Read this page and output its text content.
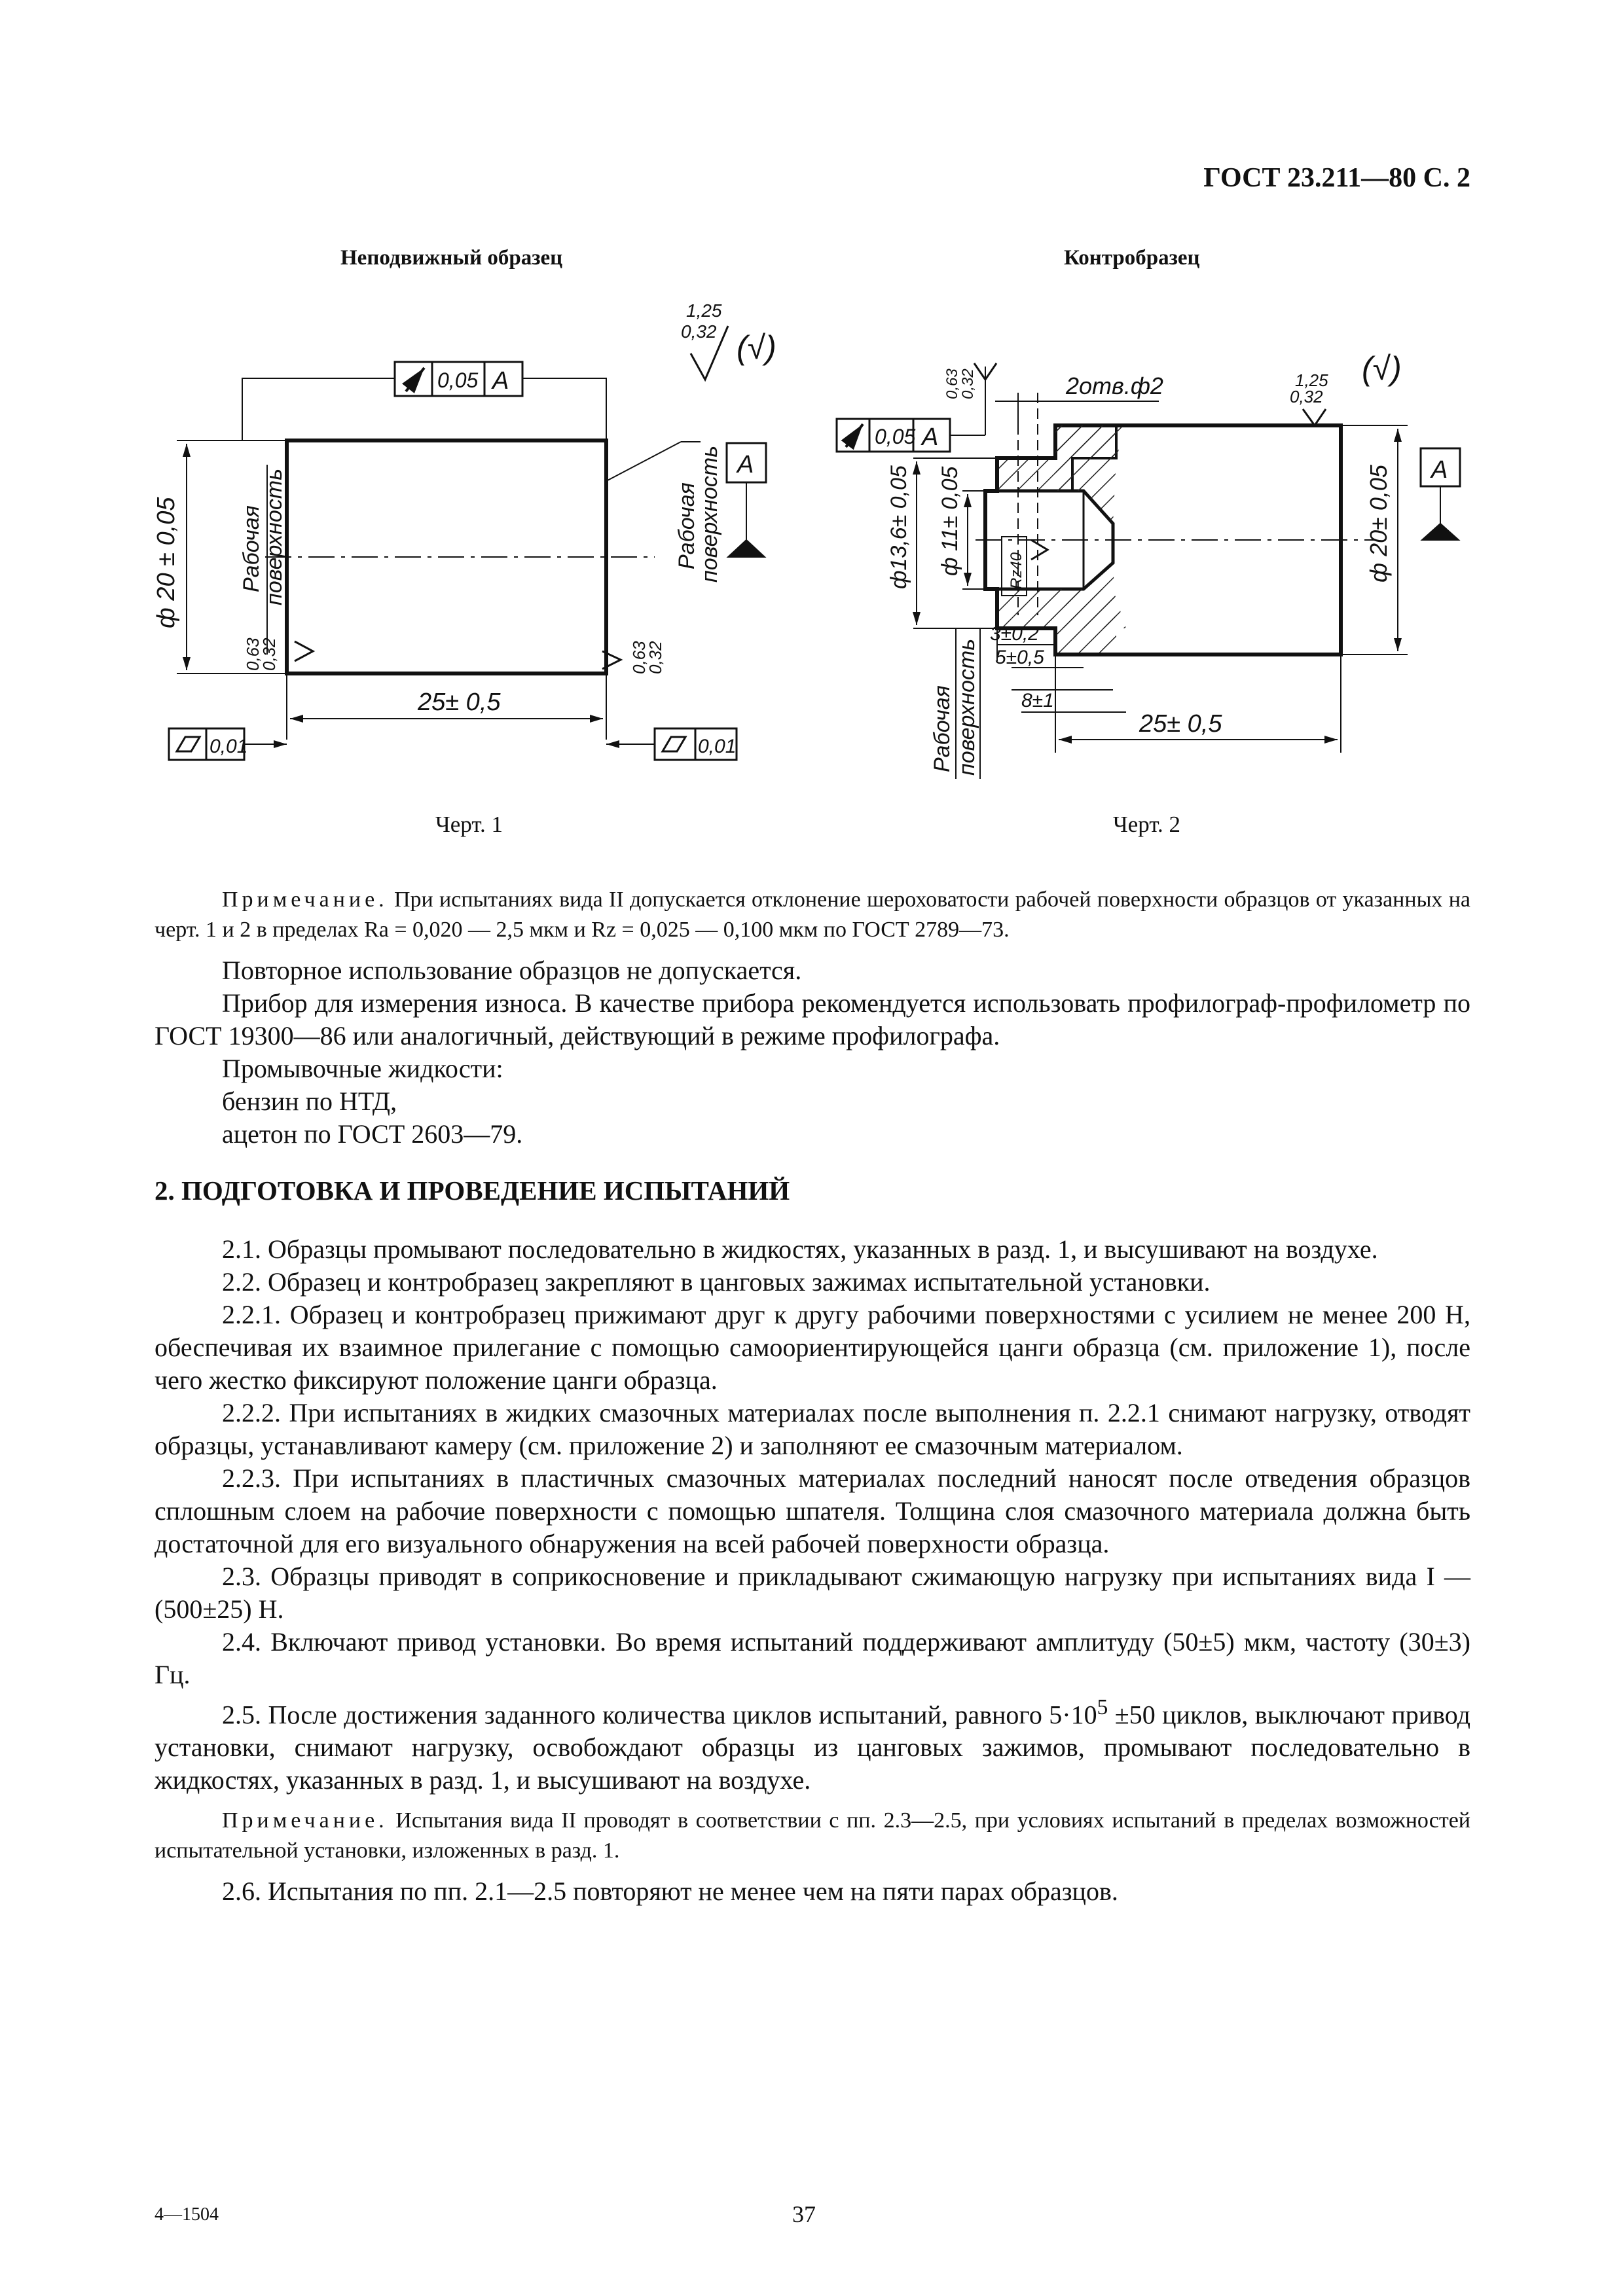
ГОСТ 23.211—80 С. 2
Неподвижный образец	Контробразец
ф 20 ± 0,05
25± 0,5
0,05 А
А
0,01	0,01
Рабочая
поверхность	Рабочая
поверхность
1,25
0,32 (√)
0,63
0,32	0,63
0,32
2отв.ф2
0,05 А
А
ф 20± 0,05
ф13,6± 0,05 ф 11± 0,05	Rz40
3±0,2
5±0,5
8±1
25± 0,5
Рабочая поверхность
1,25
0,32
(√)
0,63
0,32
Черт. 1	Черт. 2

Примечание. При испытаниях вида II допускается отклонение шероховатости рабочей поверхности образцов от указанных на черт. 1 и 2 в пределах Ra = 0,020 — 2,5 мкм и Rz = 0,025 — 0,100 мкм по ГОСТ 2789—73.

Повторное использование образцов не допускается.

Прибор для измерения износа. В качестве прибора рекомендуется использовать профилограф-профилометр по ГОСТ 19300—86 или аналогичный, действующий в режиме профилографа.

Промывочные жидкости:

бензин по НТД,

ацетон по ГОСТ 2603—79.

2. ПОДГОТОВКА И ПРОВЕДЕНИЕ ИСПЫТАНИЙ

2.1. Образцы промывают последовательно в жидкостях, указанных в разд. 1, и высушивают на воздухе.

2.2. Образец и контробразец закрепляют в цанговых зажимах испытательной установки.

2.2.1. Образец и контробразец прижимают друг к другу рабочими поверхностями с усилием не менее 200 Н, обеспечивая их взаимное прилегание с помощью самоориентирующейся цанги образца (см. приложение 1), после чего жестко фиксируют положение цанги образца.

2.2.2. При испытаниях в жидких смазочных материалах после выполнения п. 2.2.1 снимают нагрузку, отводят образцы, устанавливают камеру (см. приложение 2) и заполняют ее смазочным материалом.

2.2.3. При испытаниях в пластичных смазочных материалах последний наносят после отведения образцов сплошным слоем на рабочие поверхности с помощью шпателя. Толщина слоя смазочного материала должна быть достаточной для его визуального обнаружения на всей рабочей поверхности образца.

2.3. Образцы приводят в соприкосновение и прикладывают сжимающую нагрузку при испытаниях вида I — (500±25) Н.

2.4. Включают привод установки. Во время испытаний поддерживают амплитуду (50±5) мкм, частоту (30±3) Гц.

2.5. После достижения заданного количества циклов испытаний, равного $5\cdot 10^5 \pm 50$ циклов, выключают привод установки, снимают нагрузку, освобождают образцы из цанговых зажимов, промывают последовательно в жидкостях, указанных в разд. 1, и высушивают на воздухе.

Примечание. Испытания вида II проводят в соответствии с пп. 2.3—2.5, при условиях испытаний в пределах возможностей испытательной установки, изложенных в разд. 1.

2.6. Испытания по пп. 2.1—2.5 повторяют не менее чем на пяти парах образцов.

4—1504	37
